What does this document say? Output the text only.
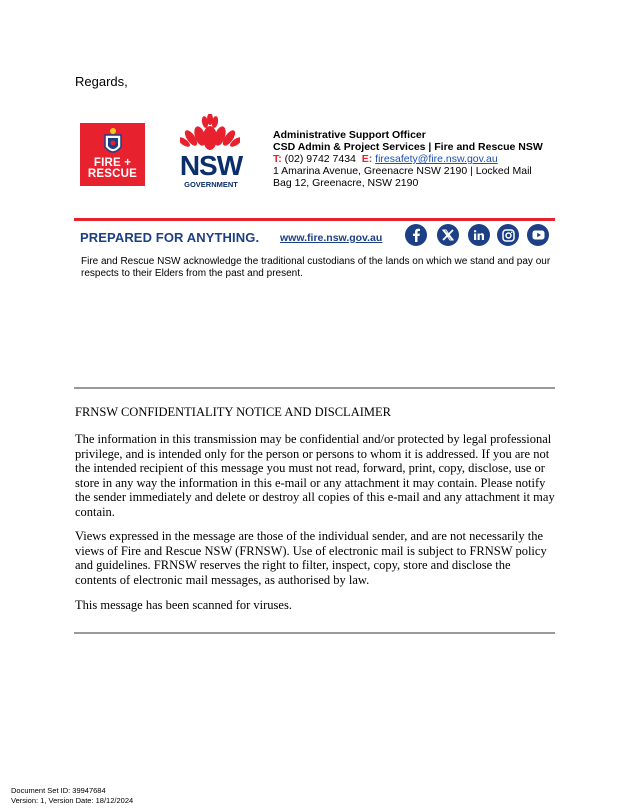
Regards,
FIRE +
RESCUE NSW
GOVERNMENT
Administrative Support Officer
CSD Admin & Project Services | Fire and Rescue NSW
T: (02) 9742 7434 E: firesafety@fire.nsw.gov.au
1 Amarina Avenue, Greenacre NSW 2190 | Locked Mail
Bag 12, Greenacre, NSW 2190
PREPARED FOR ANYTHING. www.fire.nsw.gov.au
Fire and Rescue NSW acknowledge the traditional custodians of the lands on which we stand and pay our respects to their Elders from the past and present.
FRNSW CONFIDENTIALITY NOTICE AND DISCLAIMER
The information in this transmission may be confidential and/or protected by legal professional privilege, and is intended only for the person or persons to whom it is addressed. If you are not the intended recipient of this message you must not read, forward, print, copy, disclose, use or store in any way the information in this e-mail or any attachment it may contain. Please notify the sender immediately and delete or destroy all copies of this e-mail and any attachment it may contain.
Views expressed in the message are those of the individual sender, and are not necessarily the views of Fire and Rescue NSW (FRNSW). Use of electronic mail is subject to FRNSW policy and guidelines. FRNSW reserves the right to filter, inspect, copy, store and disclose the contents of electronic mail messages, as authorised by law.
This message has been scanned for viruses.
Document Set ID: 39947684
Version: 1, Version Date: 18/12/2024
